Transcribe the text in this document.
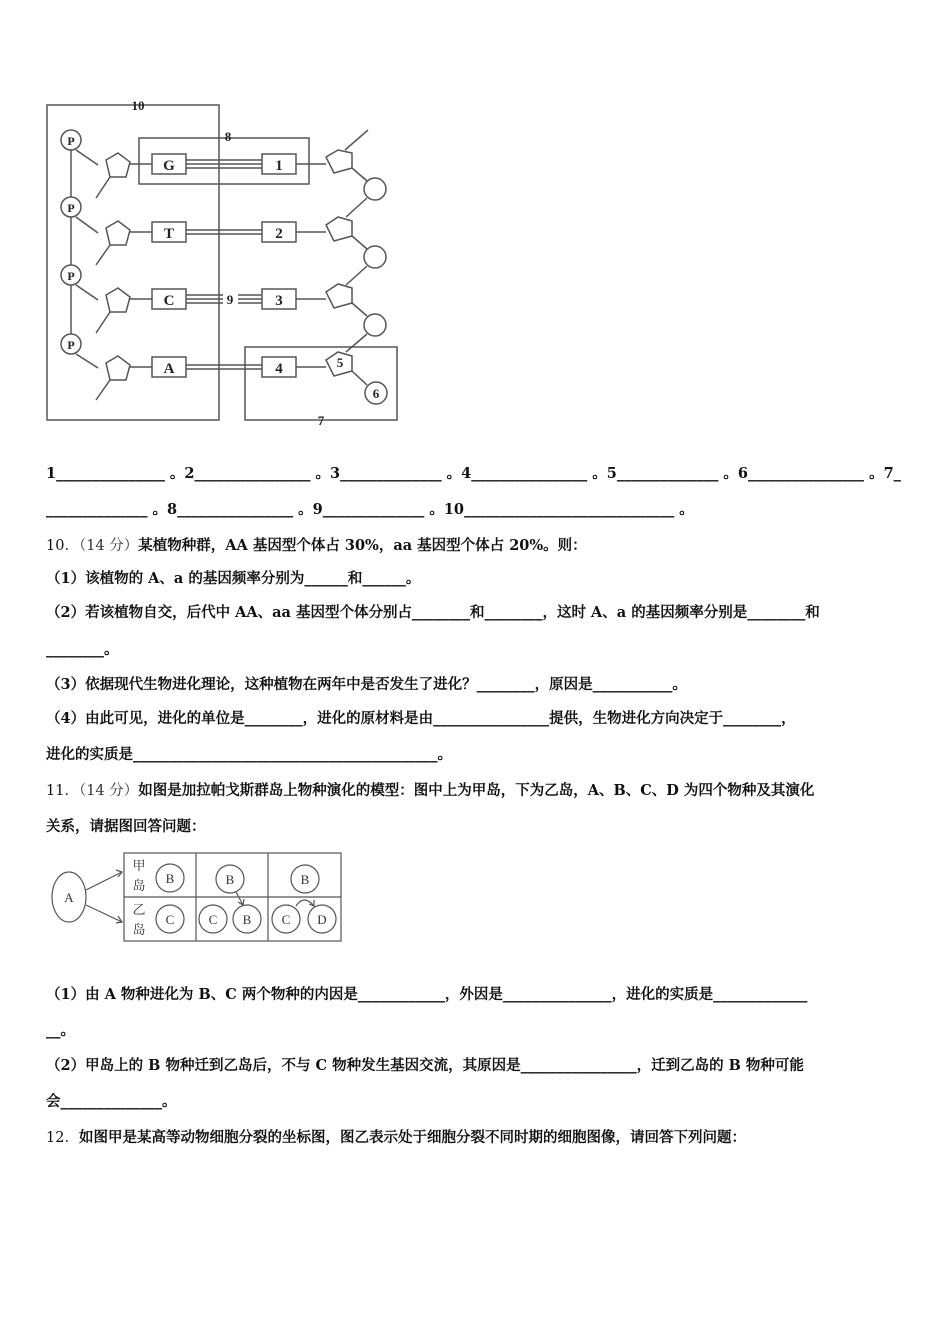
P
P
P
P
G
T
C
A
1
2
3
4	5
6
7
8
9
10
1_______________ 。2________________ 。3______________ 。4________________ 。5______________ 。6________________ 。7_
______________ 。8________________ 。9______________ 。10_____________________________ 。
10．（14 分）某植物种群，AA 基因型个体占 30%，aa 基因型个体占 20%。则：
（1）该植物的 A、a 的基因频率分别为______和______。
（2）若该植物自交，后代中 AA、aa 基因型个体分别占________和________，这时 A、a 的基因频率分别是________和
________。
（3）依据现代生物进化理论，这种植物在两年中是否发生了进化？________，原因是___________。
（4）由此可见，进化的单位是________，进化的原材料是由________________提供，生物进化方向决定于________，
进化的实质是__________________________________________。
11．（14 分）如图是加拉帕戈斯群岛上物种演化的模型：图中上为甲岛，下为乙岛，A、B、C、D 为四个物种及其演化
关系，请据图回答问题：
A
甲
岛
乙
岛
B	B	B
C	C B C D
（1）由 A 物种进化为 B、C 两个物种的内因是____________，外因是_______________，进化的实质是_____________
__。
（2）甲岛上的 B 物种迁到乙岛后，不与 C 物种发生基因交流，其原因是________________，迁到乙岛的 B 物种可能
会______________。
12．如图甲是某高等动物细胞分裂的坐标图，图乙表示处于细胞分裂不同时期的细胞图像，请回答下列问题：
